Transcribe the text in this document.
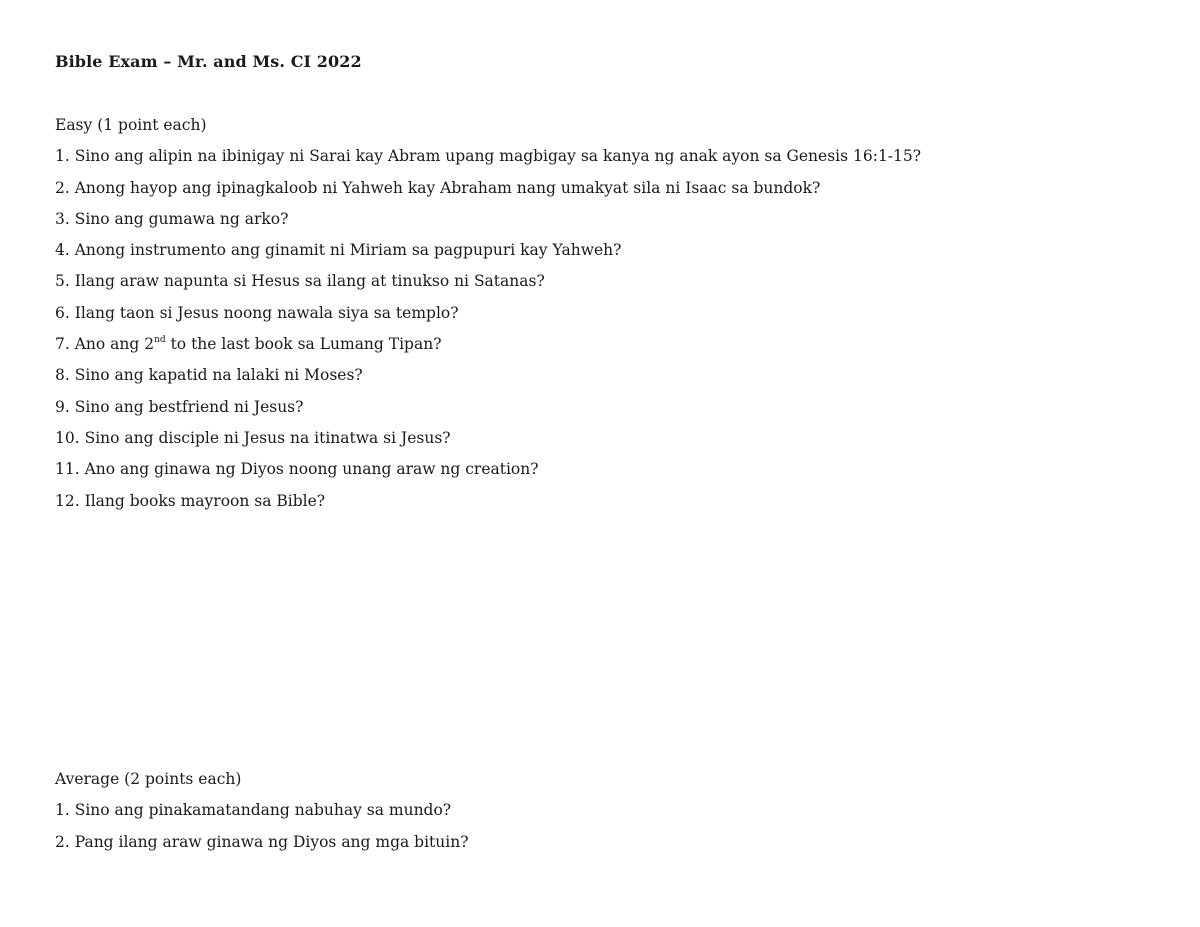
Bible Exam – Mr. and Ms. CI 2022

Easy (1 point each)

1. Sino ang alipin na ibinigay ni Sarai kay Abram upang magbigay sa kanya ng anak ayon sa Genesis 16:1-15?
2. Anong hayop ang ipinagkaloob ni Yahweh kay Abraham nang umakyat sila ni Isaac sa bundok?
3. Sino ang gumawa ng arko?
4. Anong instrumento ang ginamit ni Miriam sa pagpupuri kay Yahweh?
5. Ilang araw napunta si Hesus sa ilang at tinukso ni Satanas?
6. Ilang taon si Jesus noong nawala siya sa templo?
7. Ano ang 2nd to the last book sa Lumang Tipan?
8. Sino ang kapatid na lalaki ni Moses?
9. Sino ang bestfriend ni Jesus?
10. Sino ang disciple ni Jesus na itinatwa si Jesus?
11. Ano ang ginawa ng Diyos noong unang araw ng creation?
12. Ilang books mayroon sa Bible?

Average (2 points each)

1. Sino ang pinakamatandang nabuhay sa mundo?
2. Pang ilang araw ginawa ng Diyos ang mga bituin?
